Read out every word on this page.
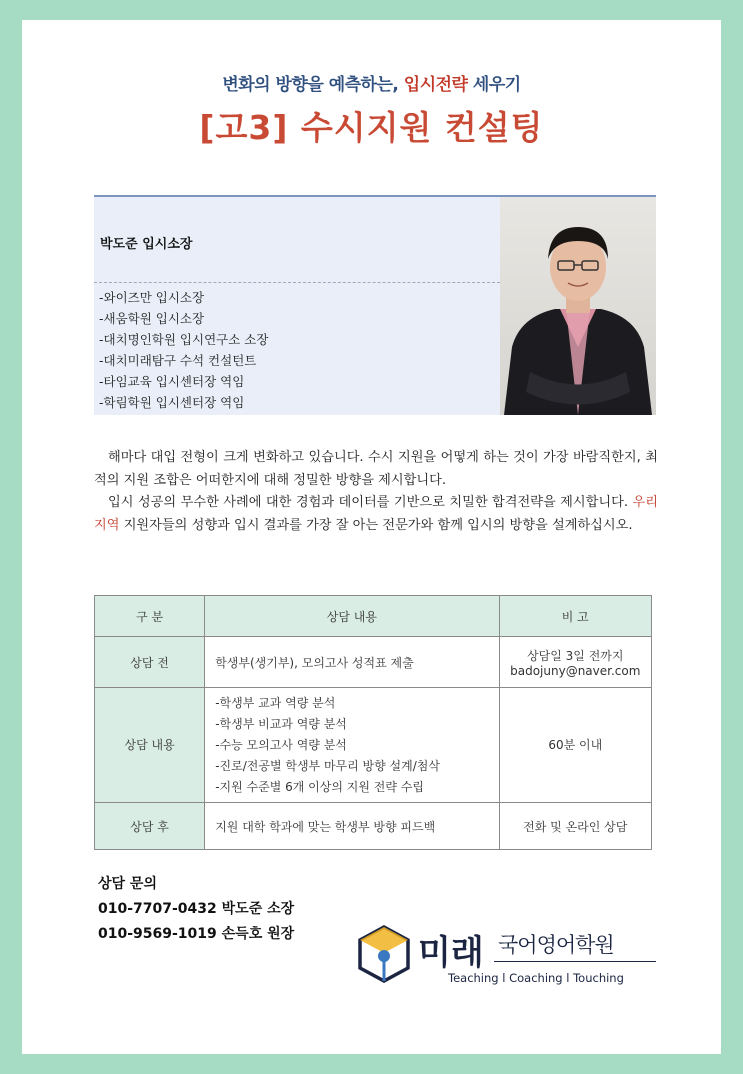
변화의 방향을 예측하는, 입시전략 세우기
[고3] 수시지원 컨설팅
박도준 입시소장
-와이즈만 입시소장
-새움학원 입시소장
-대치명인학원 입시연구소 소장
-대치미래탐구 수석 컨설턴트
-타임교육 입시센터장 역임
-학림학원 입시센터장 역임

해마다 대입 전형이 크게 변화하고 있습니다. 수시 지원을 어떻게 하는 것이 가장 바람직한지, 최적의 지원 조합은 어떠한지에 대해 정밀한 방향을 제시합니다.

입시 성공의 무수한 사례에 대한 경험과 데이터를 기반으로 치밀한 합격전략을 제시합니다. 우리 지역 지원자들의 성향과 입시 결과를 가장 잘 아는 전문가와 함께 입시의 방향을 설계하십시오.

구 분	상담 내용	비 고
상담 전	학생부(생기부), 모의고사 성적표 제출	상담일 3일 전까지
badojuny@naver.com

상담 내용	-학생부 교과 역량 분석
-학생부 비교과 역량 분석
-수능 모의고사 역량 분석
-진로/전공별 학생부 마무리 방향 설계/첨삭
-지원 수준별 6개 이상의 지원 전략 수립	60분 이내
상담 후	지원 대학 학과에 맞는 학생부 방향 피드백	전화 및 온라인 상담
상담 문의
010-7707-0432 박도준 소장
010-9569-1019 손득호 원장	미래 국어영어학원
Teaching l Coaching l Touching
